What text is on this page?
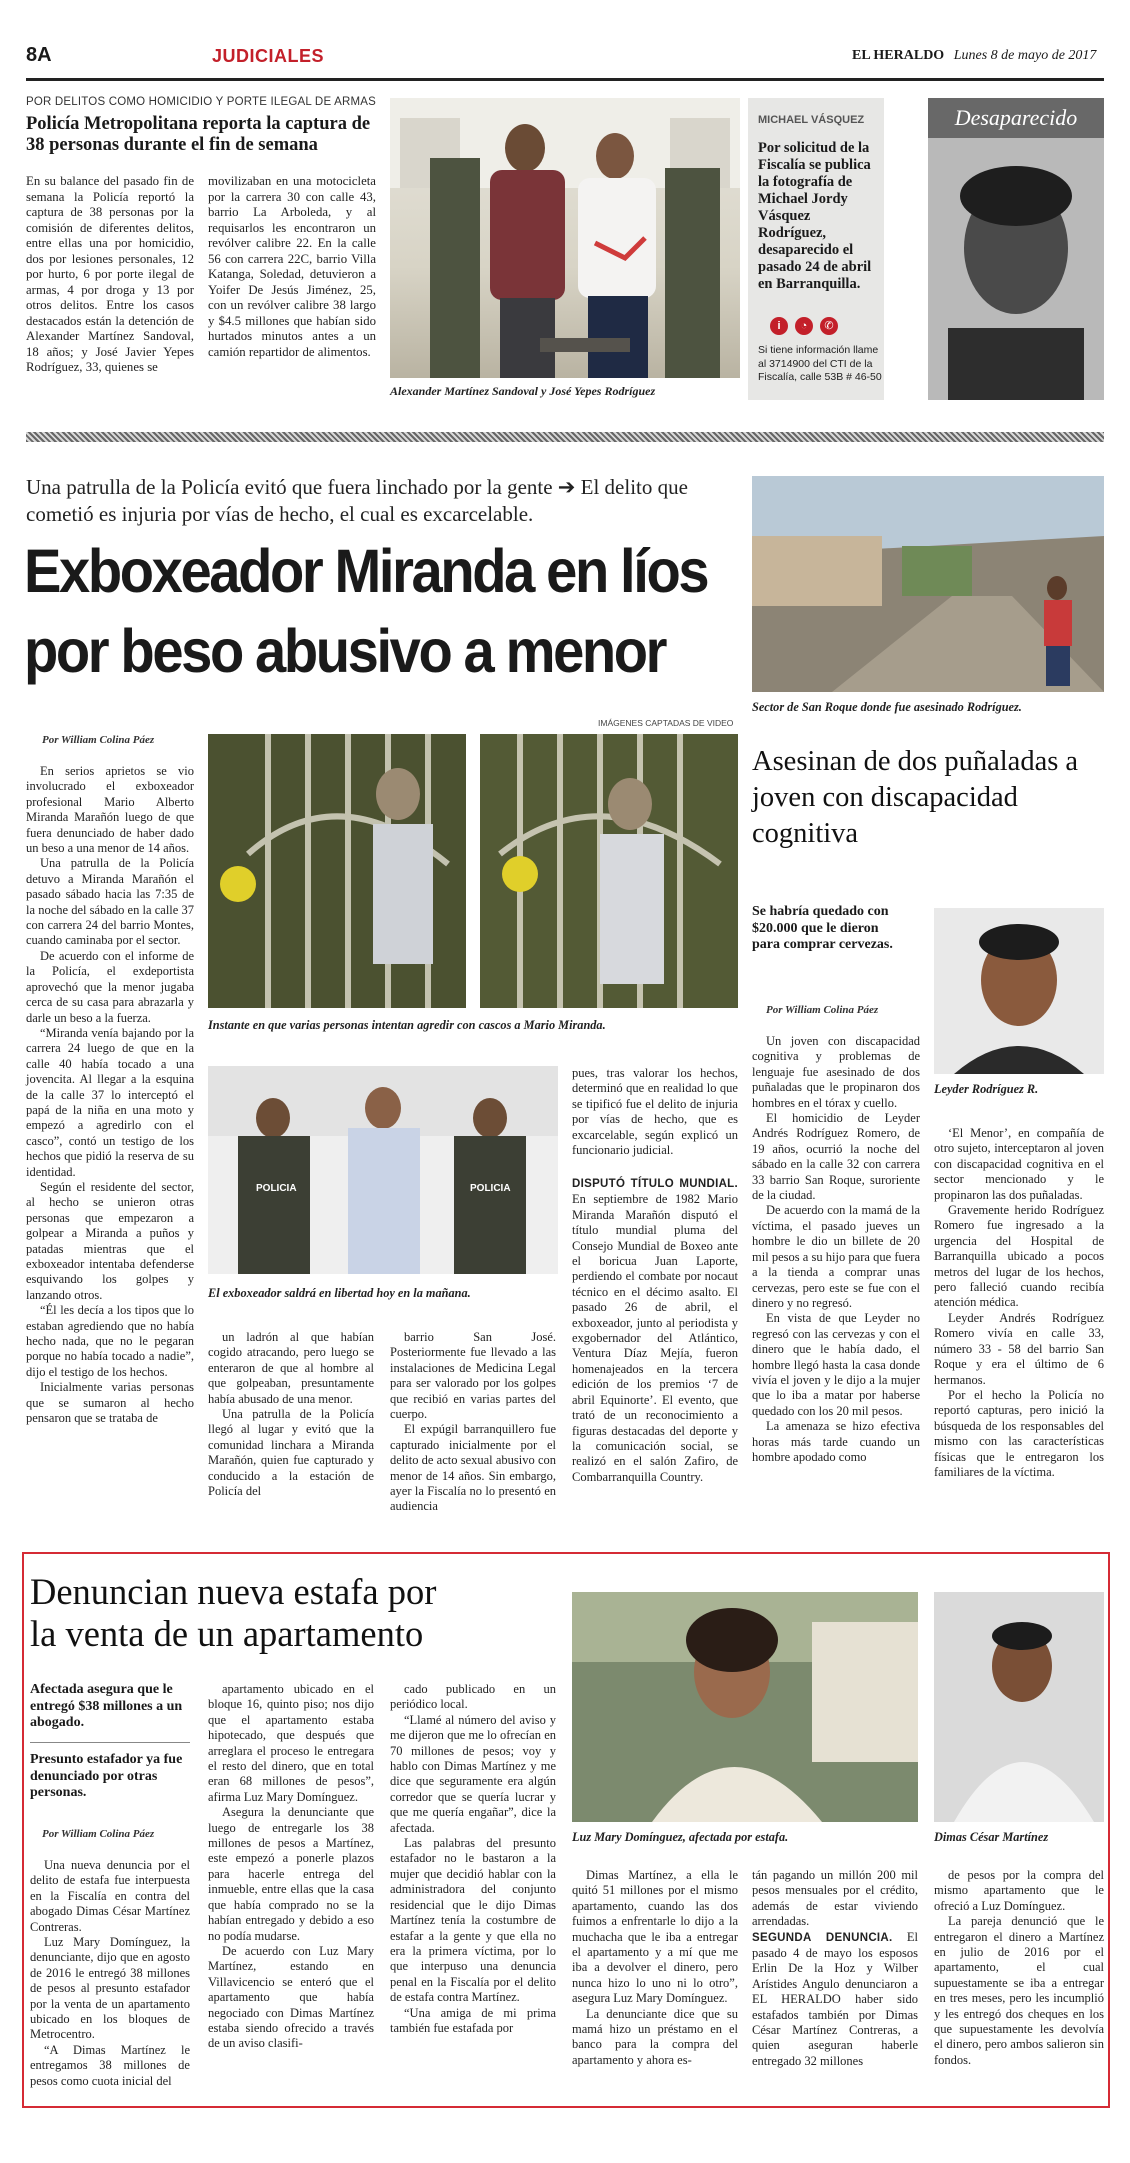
8A	JUDICIALES	EL HERALDO Lunes 8 de mayo de 2017
POR DELITOS COMO HOMICIDIO Y PORTE ILEGAL DE ARMAS
Policía Metropolitana reporta la captura de 38 personas durante el fin de semana
En su balance del pasado fin de semana la Policía reportó la captura de 38 personas por la comisión de diferentes delitos, entre ellas una por homicidio, dos por lesiones personales, 12 por hurto, 6 por porte ilegal de armas, 4 por droga y 13 por otros delitos. Entre los casos destacados están la detención de Alexander Martínez Sandoval, 18 años; y José Javier Yepes Rodríguez, 33, quienes se
movilizaban en una motocicleta por la carrera 30 con calle 43, barrio La Arboleda, y al requisarlos les encontraron un revólver calibre 22. En la calle 56 con carrera 22C, barrio Villa Katanga, Soledad, detuvieron a Yoifer De Jesús Jiménez, 25, con un revólver calibre 38 largo y $4.5 millones que habían sido hurtados minutos antes a un camión repartidor de alimentos.
Alexander Martínez Sandoval y José Yepes Rodríguez
MICHAEL VÁSQUEZ
Por solicitud de la Fiscalía se publica la fotografía de Michael Jordy Vásquez Rodríguez, desaparecido el pasado 24 de abril en Barranquilla.
i ◔ ✆
Si tiene información llame al 3714900 del CTI de la Fiscalía, calle 53B # 46-50
Desaparecido
Una patrulla de la Policía evitó que fuera linchado por la gente ➔ El delito que cometió es injuria por vías de hecho, el cual es excarcelable.
Exboxeador Miranda en líos
por beso abusivo a menor
IMÁGENES CAPTADAS DE VIDEO
Por William Colina Páez

En serios aprietos se vio involucrado el exboxeador profesional Mario Alberto Miranda Marañón luego de que fuera denunciado de haber dado un beso a una menor de 14 años.

Una patrulla de la Policía detuvo a Miranda Marañón el pasado sábado hacia las 7:35 de la noche del sábado en la calle 37 con carrera 24 del barrio Montes, cuando caminaba por el sector.

De acuerdo con el informe de la Policía, el exdeportista aprovechó que la menor jugaba cerca de su casa para abrazarla y darle un beso a la fuerza.

“Miranda venía bajando por la carrera 24 luego de que en la calle 40 había tocado a una jovencita. Al llegar a la esquina de la calle 37 lo interceptó el papá de la niña en una moto y empezó a agredirlo con el casco”, contó un testigo de los hechos que pidió la reserva de su identidad.

Según el residente del sector, al hecho se unieron otras personas que empezaron a golpear a Miranda a puños y patadas mientras que el exboxeador intentaba defenderse esquivando los golpes y lanzando otros.

“Él les decía a los tipos que lo estaban agrediendo que no había hecho nada, que no le pegaran porque no había tocado a nadie”, dijo el testigo de los hechos.

Inicialmente varias personas que se sumaron al hecho pensaron que se trataba de

Instante en que varias personas intentan agredir con cascos a Mario Miranda.
POLICIA	POLICIA
El exboxeador saldrá en libertad hoy en la mañana.

un ladrón al que habían cogido atracando, pero luego se enteraron de que al hombre al que golpeaban, presuntamente había abusado de una menor.

Una patrulla de la Policía llegó al lugar y evitó que la comunidad linchara a Miranda Marañón, quien fue capturado y conducido a la estación de Policía del

barrio San José. Posteriormente fue llevado a las instalaciones de Medicina Legal para ser valorado por los golpes que recibió en varias partes del cuerpo.

El expúgil barranquillero fue capturado inicialmente por el delito de acto sexual abusivo con menor de 14 años. Sin embargo, ayer la Fiscalía no lo presentó en audiencia

pues, tras valorar los hechos, determinó que en realidad lo que se tipificó fue el delito de injuria por vías de hecho, que es excarcelable, según explicó un funcionario judicial.
DISPUTÓ TÍTULO MUNDIAL. En septiembre de 1982 Mario Miranda Marañón disputó el título mundial pluma del Consejo Mundial de Boxeo ante el boricua Juan Laporte, perdiendo el combate por nocaut técnico en el décimo asalto. El pasado 26 de abril, el exboxeador, junto al periodista y exgobernador del Atlántico, Ventura Díaz Mejía, fueron homenajeados en la tercera edición de los premios ‘7 de abril Equinorte’. El evento, que trató de un reconocimiento a figuras destacadas del deporte y la comunicación social, se realizó en el salón Zafiro, de Combarranquilla Country.
Sector de San Roque donde fue asesinado Rodríguez.
Asesinan de dos puñaladas a joven con discapacidad cognitiva
Se habría quedado con $20.000 que le dieron para comprar cervezas.
Por William Colina Páez
Leyder Rodríguez R.

Un joven con discapacidad cognitiva y problemas de lenguaje fue asesinado de dos puñaladas que le propinaron dos hombres en el tórax y cuello.

El homicidio de Leyder Andrés Rodríguez Romero, de 19 años, ocurrió la noche del sábado en la calle 32 con carrera 33 barrio San Roque, suroriente de la ciudad.

De acuerdo con la mamá de la víctima, el pasado jueves un hombre le dio un billete de 20 mil pesos a su hijo para que fuera a la tienda a comprar unas cervezas, pero este se fue con el dinero y no regresó.

En vista de que Leyder no regresó con las cervezas y con el dinero que le había dado, el hombre llegó hasta la casa donde vivía el joven y le dijo a la mujer que lo iba a matar por haberse quedado con los 20 mil pesos.

La amenaza se hizo efectiva horas más tarde cuando un hombre apodado como

‘El Menor’, en compañía de otro sujeto, interceptaron al joven con discapacidad cognitiva en el sector mencionado y le propinaron las dos puñaladas.

Gravemente herido Rodríguez Romero fue ingresado a la urgencia del Hospital de Barranquilla ubicado a pocos metros del lugar de los hechos, pero falleció cuando recibía atención médica.

Leyder Andrés Rodríguez Romero vivía en calle 33, número 33 - 58 del barrio San Roque y era el último de 6 hermanos.

Por el hecho la Policía no reportó capturas, pero inició la búsqueda de los responsables del mismo con las características físicas que le entregaron los familiares de la víctima.

Denuncian nueva estafa por
la venta de un apartamento
Afectada asegura que le entregó $38 millones a un abogado.
Presunto estafador ya fue denunciado por otras personas.
Por William Colina Páez

Una nueva denuncia por el delito de estafa fue interpuesta en la Fiscalía en contra del abogado Dimas César Martínez Contreras.

Luz Mary Domínguez, la denunciante, dijo que en agosto de 2016 le entregó 38 millones de pesos al presunto estafador por la venta de un apartamento ubicado en los bloques de Metrocentro.

“A Dimas Martínez le entregamos 38 millones de pesos como cuota inicial del

apartamento ubicado en el bloque 16, quinto piso; nos dijo que el apartamento estaba hipotecado, que después que arreglara el proceso le entregara el resto del dinero, que en total eran 68 millones de pesos”, afirma Luz Mary Domínguez.

Asegura la denunciante que luego de entregarle los 38 millones de pesos a Martínez, este empezó a ponerle plazos para hacerle entrega del inmueble, entre ellas que la casa que había comprado no se la habían entregado y debido a eso no podía mudarse.

De acuerdo con Luz Mary Martínez, estando en Villavicencio se enteró que el apartamento que había negociado con Dimas Martínez estaba siendo ofrecido a través de un aviso clasifi-

cado publicado en un periódico local.

“Llamé al número del aviso y me dijeron que me lo ofrecían en 70 millones de pesos; voy y hablo con Dimas Martínez y me dice que seguramente era algún corredor que se quería lucrar y que me quería engañar”, dice la afectada.

Las palabras del presunto estafador no le bastaron a la mujer que decidió hablar con la administradora del conjunto residencial que le dijo Dimas Martínez tenía la costumbre de estafar a la gente y que ella no era la primera víctima, por lo que interpuso una denuncia penal en la Fiscalía por el delito de estafa contra Martínez.

“Una amiga de mi prima también fue estafada por

Luz Mary Domínguez, afectada por estafa.	Dimas César Martínez

Dimas Martínez, a ella le quitó 51 millones por el mismo apartamento, cuando las dos fuimos a enfrentarle lo dijo a la muchacha que le iba a entregar el apartamento y a mí que me iba a devolver el dinero, pero nunca hizo lo uno ni lo otro”, asegura Luz Mary Domínguez.

La denunciante dice que su mamá hizo un préstamo en el banco para la compra del apartamento y ahora es-

tán pagando un millón 200 mil pesos mensuales por el crédito, además de estar viviendo arrendadas.
SEGUNDA DENUNCIA. El pasado 4 de mayo los esposos Erlin De la Hoz y Wilber Arístides Angulo denunciaron a EL HERALDO haber sido estafados también por Dimas César Martínez Contreras, a quien aseguran haberle entregado 32 millones

de pesos por la compra del mismo apartamento que le ofreció a Luz Domínguez.

La pareja denunció que le entregaron el dinero a Martínez en julio de 2016 por el apartamento, el cual supuestamente se iba a entregar en tres meses, pero les incumplió y les entregó dos cheques en los que supuestamente les devolvía el dinero, pero ambos salieron sin fondos.
